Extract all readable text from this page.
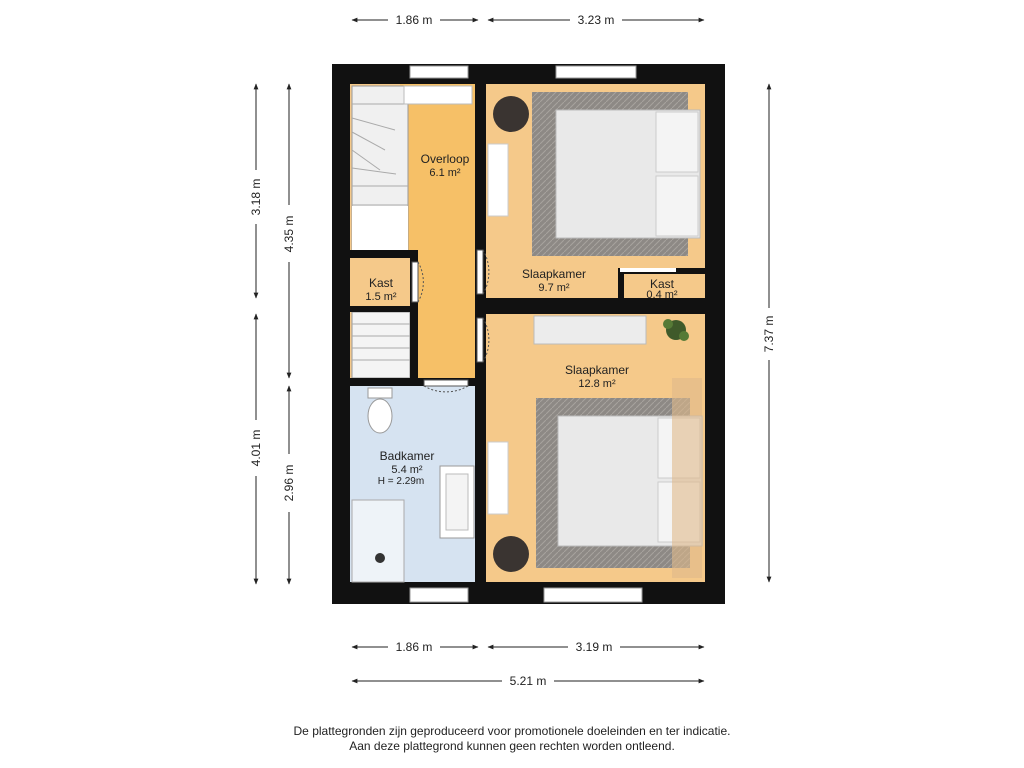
Overloop
6.1 m²
Kast
1.5 m²
Slaapkamer
9.7 m²	Kast
0.4 m²
Slaapkamer
12.8 m²
Badkamer
5.4 m²
H = 2.29m
1.86 m	3.23 m
1.86 m	3.19 m
5.21 m
3.18 m
4.01 m
4.35 m
2.96 m
7.37 m
De plattegronden zijn geproduceerd voor promotionele doeleinden en ter indicatie.
Aan deze plattegrond kunnen geen rechten worden ontleend.
